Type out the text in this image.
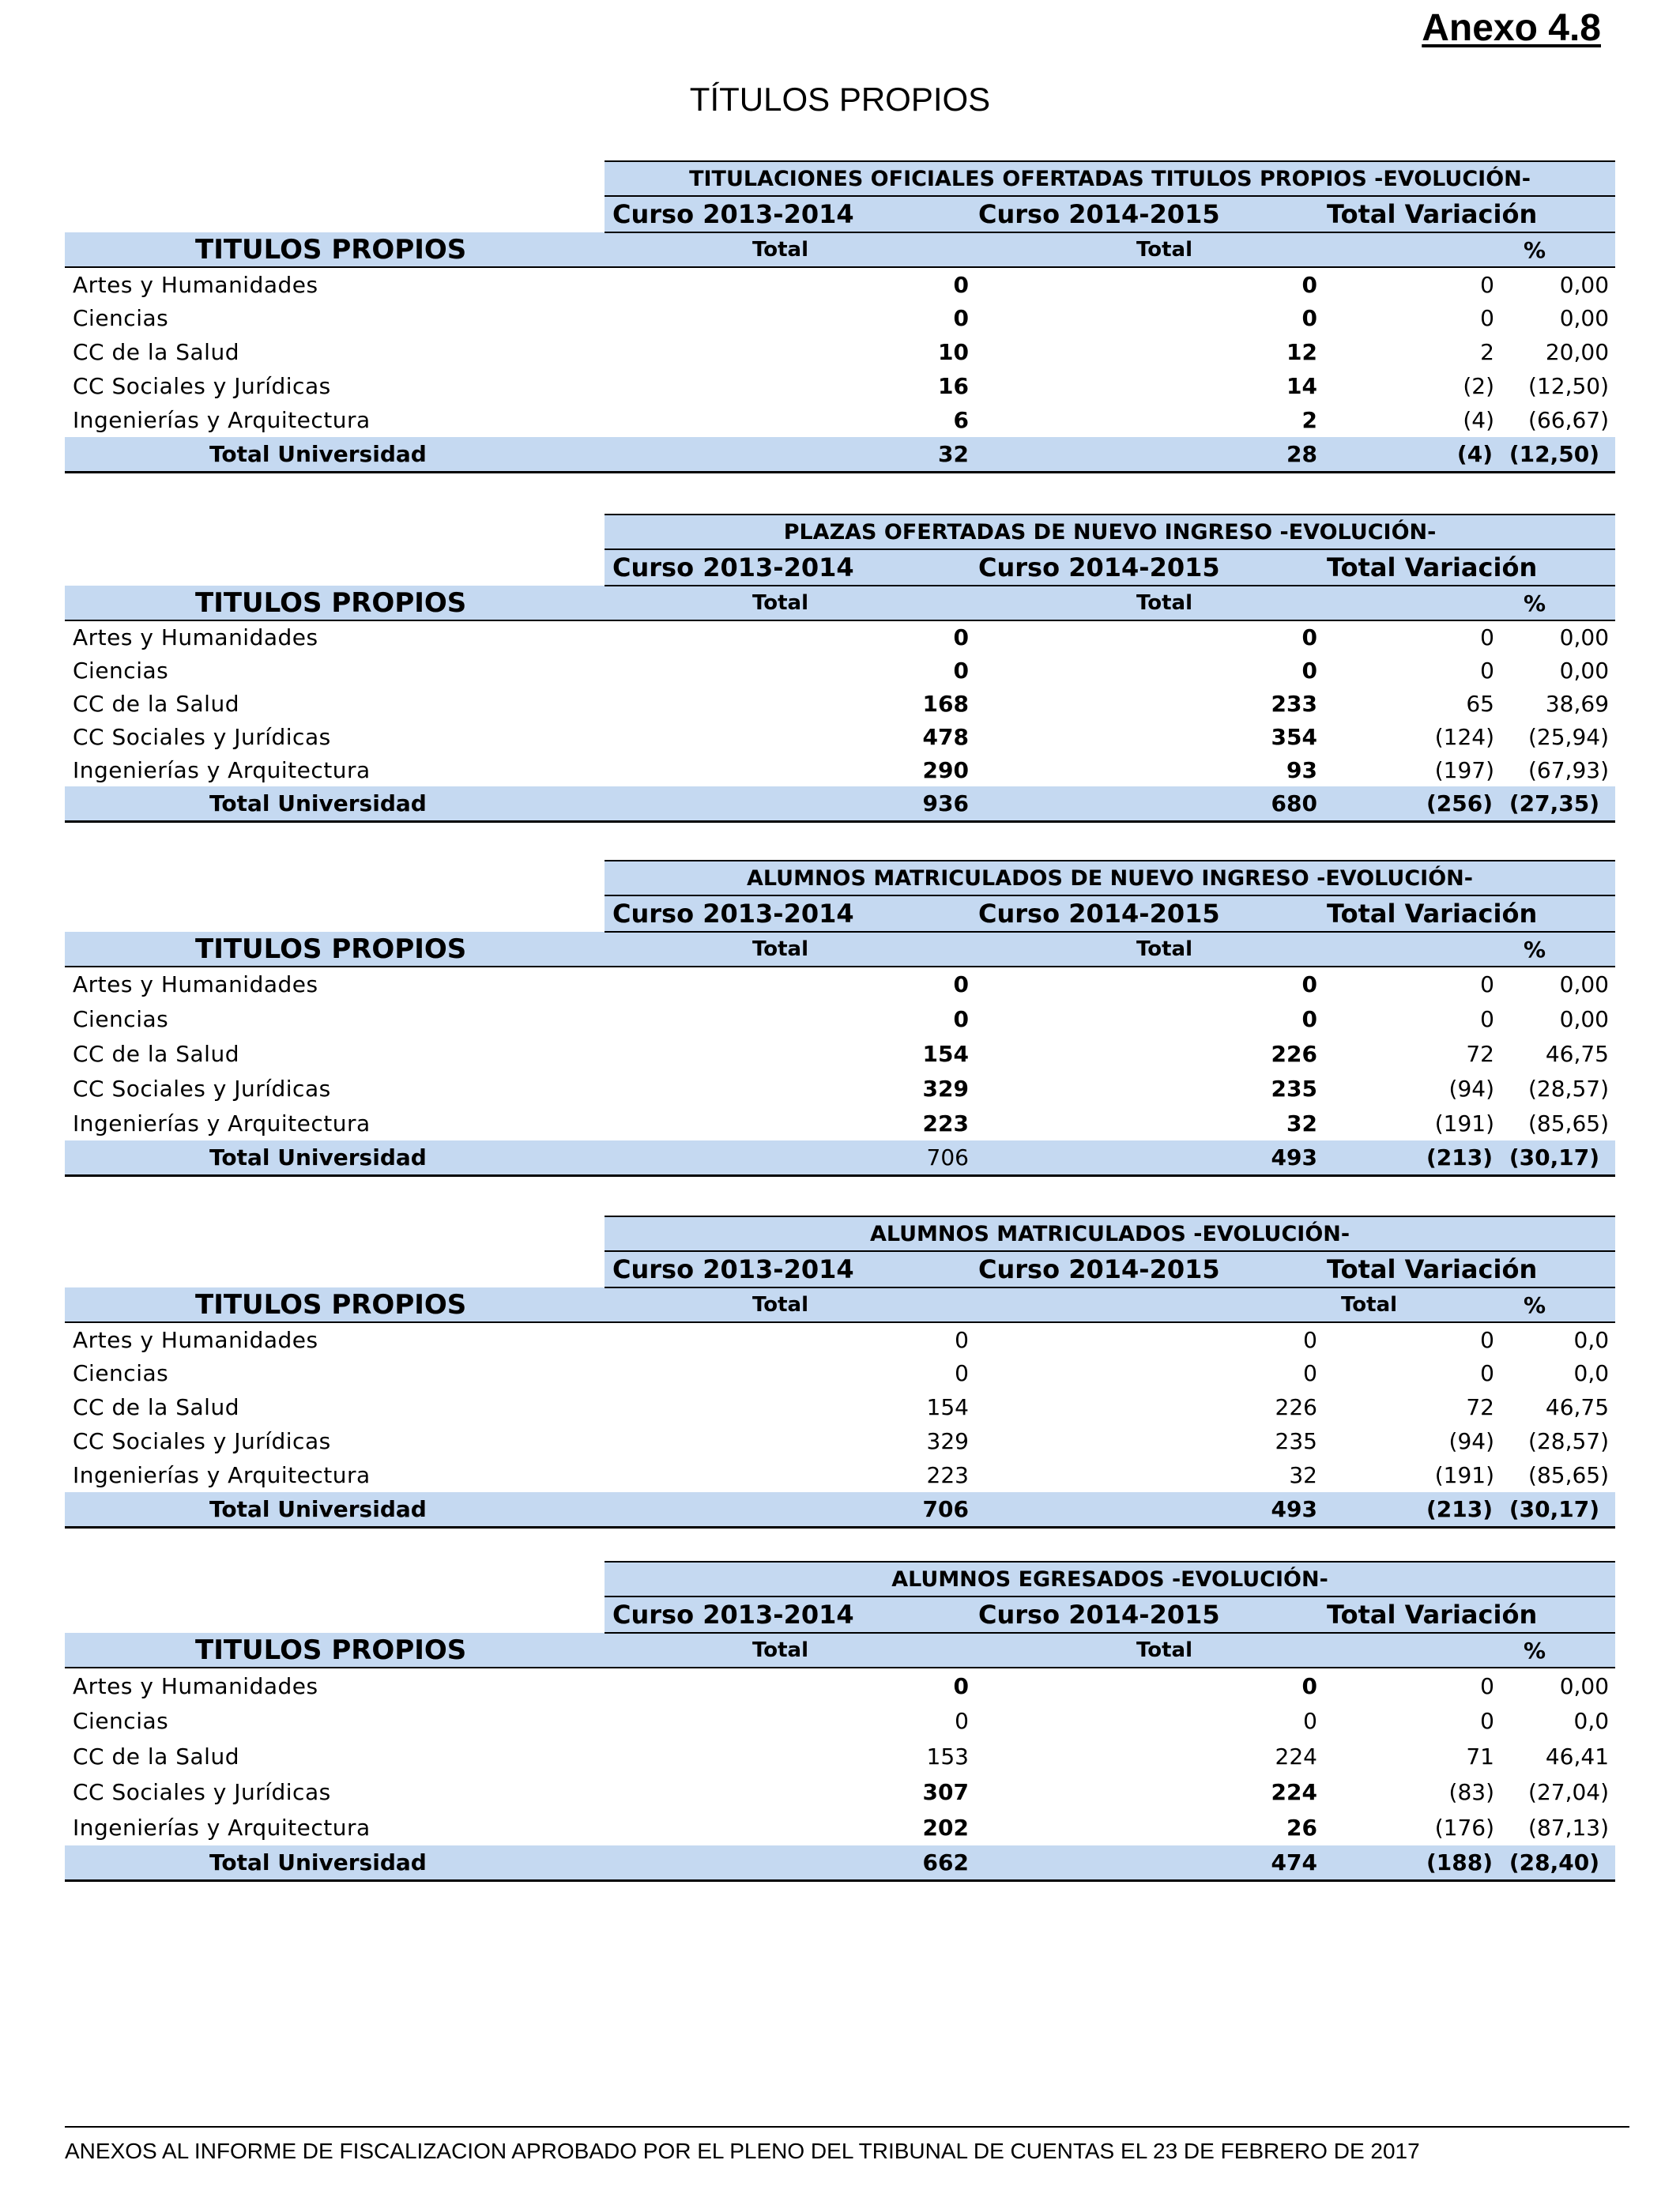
Anexo 4.8
TÍTULOS PROPIOS
	TITULACIONES OFICIALES OFERTADAS TITULOS PROPIOS -EVOLUCIÓN-			
	Curso 2013-2014	Curso 2014-2015	Total Variación	
TITULOS PROPIOS	Total	Total		%
Artes y Humanidades	0	0	0	0,00
Ciencias	0	0	0	0,00
CC de la Salud	10	12	2	20,00
CC Sociales y Jurídicas	16	14	(2)	(12,50)
Ingenierías y Arquitectura	6	2	(4)	(66,67)
Total Universidad	32	28	(4)	(12,50)
	PLAZAS OFERTADAS DE NUEVO INGRESO -EVOLUCIÓN-			
	Curso 2013-2014	Curso 2014-2015	Total Variación	
TITULOS PROPIOS	Total	Total		%
Artes y Humanidades	0	0	0	0,00
Ciencias	0	0	0	0,00
CC de la Salud	168	233	65	38,69
CC Sociales y Jurídicas	478	354	(124)	(25,94)
Ingenierías y Arquitectura	290	93	(197)	(67,93)
Total Universidad	936	680	(256)	(27,35)
	ALUMNOS MATRICULADOS DE NUEVO INGRESO -EVOLUCIÓN-			
	Curso 2013-2014	Curso 2014-2015	Total Variación	
TITULOS PROPIOS	Total	Total		%
Artes y Humanidades	0	0	0	0,00
Ciencias	0	0	0	0,00
CC de la Salud	154	226	72	46,75
CC Sociales y Jurídicas	329	235	(94)	(28,57)
Ingenierías y Arquitectura	223	32	(191)	(85,65)
Total Universidad	706	493	(213)	(30,17)
	ALUMNOS MATRICULADOS -EVOLUCIÓN-			
	Curso 2013-2014	Curso 2014-2015	Total Variación	
TITULOS PROPIOS	Total		Total	%
Artes y Humanidades	0	0	0	0,0
Ciencias	0	0	0	0,0
CC de la Salud	154	226	72	46,75
CC Sociales y Jurídicas	329	235	(94)	(28,57)
Ingenierías y Arquitectura	223	32	(191)	(85,65)
Total Universidad	706	493	(213)	(30,17)
	ALUMNOS EGRESADOS -EVOLUCIÓN-			
	Curso 2013-2014	Curso 2014-2015	Total Variación	
TITULOS PROPIOS	Total	Total		%
Artes y Humanidades	0	0	0	0,00
Ciencias	0	0	0	0,0
CC de la Salud	153	224	71	46,41
CC Sociales y Jurídicas	307	224	(83)	(27,04)
Ingenierías y Arquitectura	202	26	(176)	(87,13)
Total Universidad	662	474	(188)	(28,40)
ANEXOS AL INFORME DE FISCALIZACION APROBADO POR EL PLENO DEL TRIBUNAL DE CUENTAS EL 23 DE FEBRERO DE 2017
